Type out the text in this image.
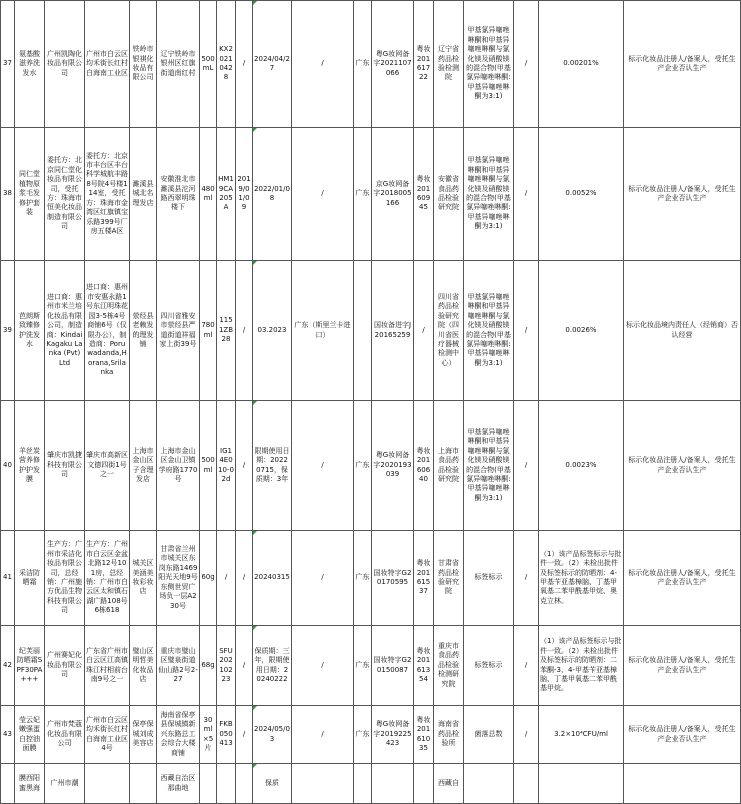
37	氨基酸滋养洗发水	广州凯陶化妆品有限公司	广州市白云区均禾街长红村白海南工业区	铁岭市银祺化妆品有限公司	辽宁铁岭市银州区红旗街道南红村	500mL	KX20210428	/	2024/04/27	/	广东	粤G妆网备字2021107066	粤妆20161722	辽宁省药品检验检测院	甲基氯异噻唑啉酮和甲基异噻唑啉酮与氯化镁及硝酸镁的混合物(甲基氯异噻唑啉酮:甲基异噻唑啉酮为3:1)	/	0.00201%	标示化妆品注册人/备案人，受托生产企业否认生产
38	同仁堂植物原浆毛发修护套装	委托方：北京同仁堂化妆品有限公司，受托方：珠海市恒美化妆品制造有限公司	委托方：北京市丰台区丰台科学城航丰路8号院4号楼114室，受托方：珠海市金湾区红旗镇宝乐路399号厂房五楼A区	濉溪县城北名理发店	安徽淮北市濉溪县沱河路西翠明珠楼下	480ml	HM19CA205A	2019/01/09	2022/01/08	/	广东	京G妆网备字2018005166	粤妆20160945	安徽省食品药品检验研究院	甲基氯异噻唑啉酮和甲基异噻唑啉酮与氯化镁及硝酸镁的混合物(甲基氯异噻唑啉酮:甲基异噻唑啉酮为3:1)	/	0.0052%	标示化妆品注册人/备案人，受托生产企业否认生产
39	芭朗斯致臻修护洗发水	进口商：惠州市米兰培化妆品有限公司，制造商：Kindai Kagaku Lanka (Pvt) Ltd	进口商：惠州市安惠永路1号东江明珠花园3-5栋4号商铺6号（仅限办公），制造商：Poruwadanda,Horana,Srilanka	荥经县老赖发的理发铺	四川省雅安市荥经县严道街道祥福家上街39号	780ml	1151ZB28	/	03.2023	广东（斯里兰卡进口）		国妆备进字J20165259	/	四川省药品检验研究院（四川省医疗器械检测中心）	甲基氯异噻唑啉酮和甲基异噻唑啉酮与氯化镁及硝酸镁的混合物(甲基氯异噻唑啉酮:甲基异噻唑啉酮为3:1)	/	0.0026%	标示化妆品境内责任人（经销商）否认经营
40	羊丝炭营养修护护发膜	肇庆市凯捷科技有限公司	肇庆市高新区文德四街1号之一	上海市金山区子含理发店	上海市金山区金山卫镇学府路1770号	500ml	IG14E010-02d	/	限期使用日期：20220715，保质期：3年	/	广东	粤G妆网备字2020193039	粤妆20160640	上海市食品药品检验研究院	甲基氯异噻唑啉酮和甲基异噻唑啉酮与氯化镁及硝酸镁的混合物(甲基氯异噻唑啉酮:甲基异噻唑啉酮为3:1)	/	0.0023%	标示化妆品注册人/备案人，受托生产企业否认生产
41	采洁防晒霜	生产方：广州市采洁化妆品有限公司，总经销：广州施方优品生物科技有限公司	生产方：广州市白云区金盆北路12号101房，总经销：广州市白云区太和镇石湖广路108号6栋618	城关区美涵美妆彩妆店	甘肃省兰州市城关区东岗东路1469阳光天地9号东侧世贸广场负一层A230号	60g	/	/	20240315	/	广东	国妆特字G20170595	粤妆20161537	甘肃省药品检验研究院	标签标示	/	（1）该产品标签标示与批件一致。（2）未检出批件及标签标示的防晒剂：4-甲基苄亚基樟脑、丁基甲氧基二苯甲酰基甲烷、奥克立林。	标示化妆品注册人/备案人，受托生产企业否认生产
42	纪芙丽防晒霜SPF30PA+++	广州赛妃化妆品有限公司	广东省广州市白云区江高镇珠江村相前台南9号之一	璧山区明哲美化妆品店	重庆市璧山区璧泉街道仙山路2号2-27	68g	SFU202102 23	/	保质期：三年，限期使用日期：20240222	/	广东	国妆特字G20150087	粤妆20161354	重庆市食品药品检验检测研究院	标签标示	/	（1）该产品标签标示与批件一致。（2）未检出批件及标签标示的防晒剂：二苯酮-3、4-甲基苄亚基樟脑、丁基甲氧基二苯甲酰基甲烷。	标示化妆品注册人/备案人，受托生产企业否认生产
43	莹云妃嫩强蛋白控油面膜	广州市梵蔻化妆品有限公司	广州市白云区均禾街长红村白海南工业区4号	保亭保城刘成美容店	海南省保亭县保城镇新兴东路总工会综合大楼商铺	30ml×5片	FKB050413	/	2024/05/03	/	广东	粤G妆网备字2019225423	粤妆20161035	海南省药品检验所	菌落总数	/	3.2×10⁴CFU/ml	标示化妆品注册人/备案人，受托生产企业否认生产
	膜西阳蜜黑海	广州市潮			西藏自治区那曲地				保质					西藏自				
